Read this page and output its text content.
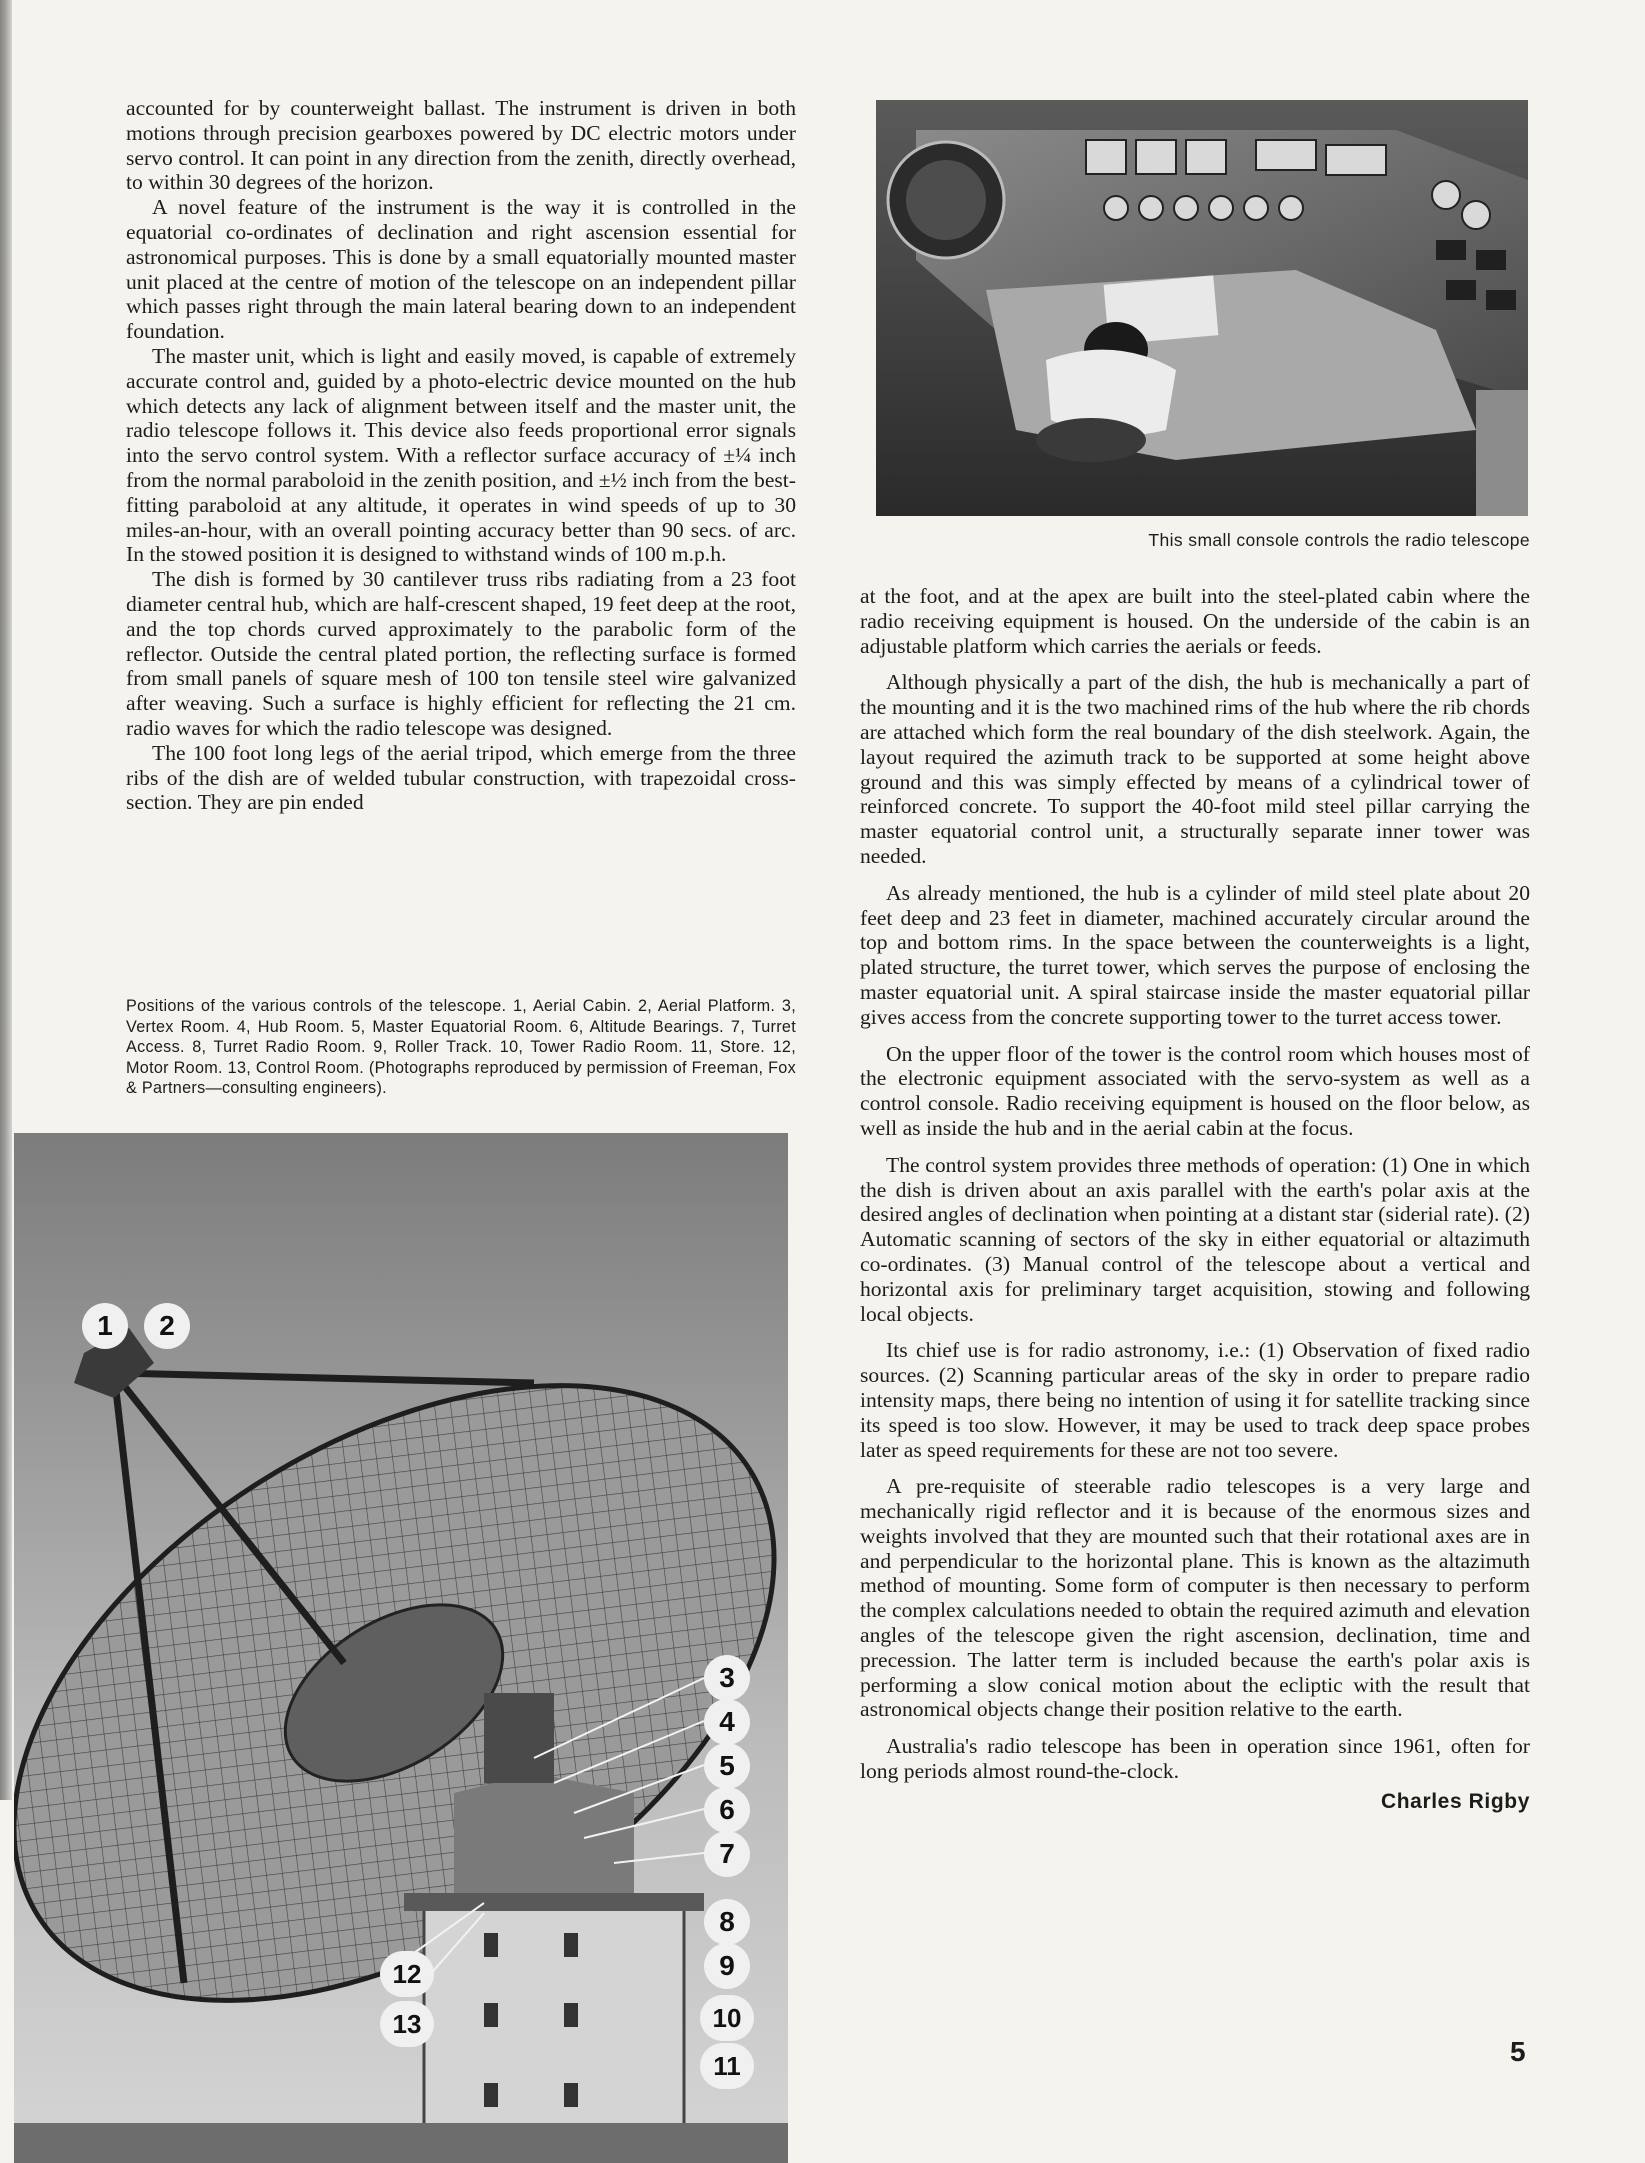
accounted for by counterweight ballast. The instrument is driven in both motions through precision gearboxes powered by DC electric motors under servo control. It can point in any direction from the zenith, directly overhead, to within 30 degrees of the horizon.

A novel feature of the instrument is the way it is controlled in the equatorial co-ordinates of declination and right ascension essential for astronomical purposes. This is done by a small equatorially mounted master unit placed at the centre of motion of the telescope on an independent pillar which passes right through the main lateral bearing down to an independent foundation.

The master unit, which is light and easily moved, is capable of extremely accurate control and, guided by a photo-electric device mounted on the hub which detects any lack of alignment between itself and the master unit, the radio telescope follows it. This device also feeds proportional error signals into the servo control system. With a reflector surface accuracy of ±¼ inch from the normal paraboloid in the zenith position, and ±½ inch from the best-fitting paraboloid at any altitude, it operates in wind speeds of up to 30 miles-an-hour, with an overall pointing accuracy better than 90 secs. of arc. In the stowed position it is designed to withstand winds of 100 m.p.h.

The dish is formed by 30 cantilever truss ribs radiating from a 23 foot diameter central hub, which are half-crescent shaped, 19 feet deep at the root, and the top chords curved approximately to the parabolic form of the reflector. Outside the central plated portion, the reflecting surface is formed from small panels of square mesh of 100 ton tensile steel wire galvanized after weaving. Such a surface is highly efficient for reflecting the 21 cm. radio waves for which the radio telescope was designed.

The 100 foot long legs of the aerial tripod, which emerge from the three ribs of the dish are of welded tubular construction, with trapezoidal cross-section. They are pin ended

Positions of the various controls of the telescope. 1, Aerial Cabin. 2, Aerial Platform. 3, Vertex Room. 4, Hub Room. 5, Master Equatorial Room. 6, Altitude Bearings. 7, Turret Access. 8, Turret Radio Room. 9, Roller Track. 10, Tower Radio Room. 11, Store. 12, Motor Room. 13, Control Room. (Photographs reproduced by permission of Freeman, Fox & Partners—consulting engineers).
This small console controls the radio telescope

at the foot, and at the apex are built into the steel-plated cabin where the radio receiving equipment is housed. On the underside of the cabin is an adjustable platform which carries the aerials or feeds.

Although physically a part of the dish, the hub is mechanically a part of the mounting and it is the two machined rims of the hub where the rib chords are attached which form the real boundary of the dish steelwork. Again, the layout required the azimuth track to be supported at some height above ground and this was simply effected by means of a cylindrical tower of reinforced concrete. To support the 40-foot mild steel pillar carrying the master equatorial control unit, a structurally separate inner tower was needed.

As already mentioned, the hub is a cylinder of mild steel plate about 20 feet deep and 23 feet in diameter, machined accurately circular around the top and bottom rims. In the space between the counterweights is a light, plated structure, the turret tower, which serves the purpose of enclosing the master equatorial unit. A spiral staircase inside the master equatorial pillar gives access from the concrete supporting tower to the turret access tower.

On the upper floor of the tower is the control room which houses most of the electronic equipment associated with the servo-system as well as a control console. Radio receiving equipment is housed on the floor below, as well as inside the hub and in the aerial cabin at the focus.

The control system provides three methods of operation: (1) One in which the dish is driven about an axis parallel with the earth's polar axis at the desired angles of declination when pointing at a distant star (siderial rate). (2) Automatic scanning of sectors of the sky in either equatorial or altazimuth co-ordinates. (3) Manual control of the telescope about a vertical and horizontal axis for preliminary target acquisition, stowing and following local objects.

Its chief use is for radio astronomy, i.e.: (1) Observation of fixed radio sources. (2) Scanning particular areas of the sky in order to prepare radio intensity maps, there being no intention of using it for satellite tracking since its speed is too slow. However, it may be used to track deep space probes later as speed requirements for these are not too severe.

A pre-requisite of steerable radio telescopes is a very large and mechanically rigid reflector and it is because of the enormous sizes and weights involved that they are mounted such that their rotational axes are in and perpendicular to the horizontal plane. This is known as the altazimuth method of mounting. Some form of computer is then necessary to perform the complex calculations needed to obtain the required azimuth and elevation angles of the telescope given the right ascension, declination, time and precession. The latter term is included because the earth's polar axis is performing a slow conical motion about the ecliptic with the result that astronomical objects change their position relative to the earth.

Australia's radio telescope has been in operation since 1961, often for long periods almost round-the-clock.

Charles Rigby
1	2
3
4
5
6
7
8
9
10
11
12
13
5
